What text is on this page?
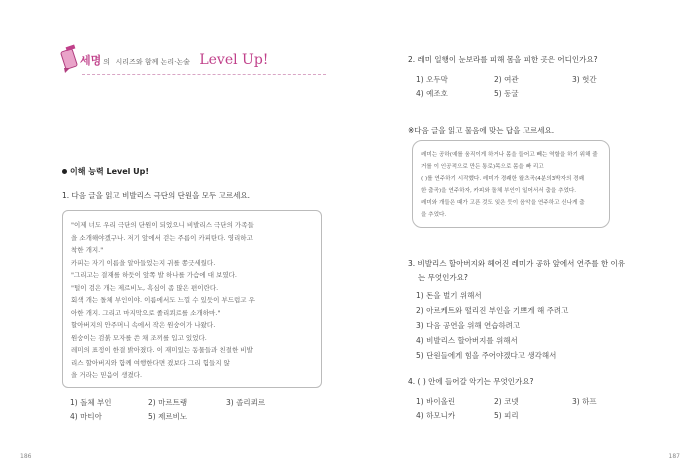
세명 의 시리즈와 함께 논리·논술 Level Up!
이해 능력 Level Up!
1. 다음 글을 읽고 비발리스 극단의 단원을 모두 고르세요.
"이제 너도 우리 극단의 단원이 되었으니 비발리스 극단의 가족들
을 소개해야겠구나. 저기 앞에서 걷는 주름이 카피탄다. 영리하고
착한 개지."
카피는 자기 이름을 알아들었는지 귀를 쫑긋세웠다.
"그리고는 결재를 하듯이 앞쪽 발 하나를 가슴에 대 보였다.
"털이 검은 개는 제르비노, 흑심이 좀 많은 편이란다.
회색 개는 돌체 부인이야. 이름에서도 느낄 수 있듯이 부드럽고 우
아한 개지. 그리고 마지막으로 졸리쾨르를 소개하마."
할아버지의 안주머니 속에서 작은 원숭이가 나왔다.
원숭이는 검붉 모자를 쓴 채 조끼를 입고 있었다.
레미의 표정이 한결 밝아졌다. 이 재미있는 동물들과 친절한 비발
리스 할아버지와 함께 여행한다면 겼보다 그리 힘들지 않
을 거라는 믿음이 생겼다.
1) 돌체 부인	2) 마르트랭	3) 졸리쾨르
4) 마티아	5) 제르비노
186	187
2. 레미 일행이 눈보라를 피해 몸을 피한 곳은 어디인가요?
1) 오두막	2) 여관	3) 헛간
4) 예조호	5) 동굴
※다음 글을 읽고 물음에 맞는 답을 고르세요.
레미는 공하(예를 움직이게 하거나 몸을 들어고 빼는 역할을 하기 위해 줄
거를 이 인공적으로 만든 통로)목으로 몸을 빠 리고
( )를 연주하기 시작했다. 레미가 경쾌한 왈츠곡(4분의3박자의 경쾌
한 춤곡)을 연주하자, 카피와 돌체 부인이 일어서서 춤을 추었다.
레미와 개들은 때가 고픈 것도 잊은 듯이 음악을 연주하고 신나게 춤
을 추었다.
3. 비발리스 할아버지와 헤어진 레미가 공하 앞에서 연주를 한 이유
는 무엇인가요?
1) 돈을 벌기 위해서
2) 아르케트와 떨리진 부인을 기쁘게 해 주려고
3) 다음 공연을 위해 연습하려고
4) 비발리스 할아버지를 위해서
5) 단원들에게 힘을 주어야겠다고 생각해서
4. ( ) 안에 들어갈 악기는 무엇인가요?
1) 바이올린	2) 코넷	3) 하프
4) 하모니카	5) 피리
